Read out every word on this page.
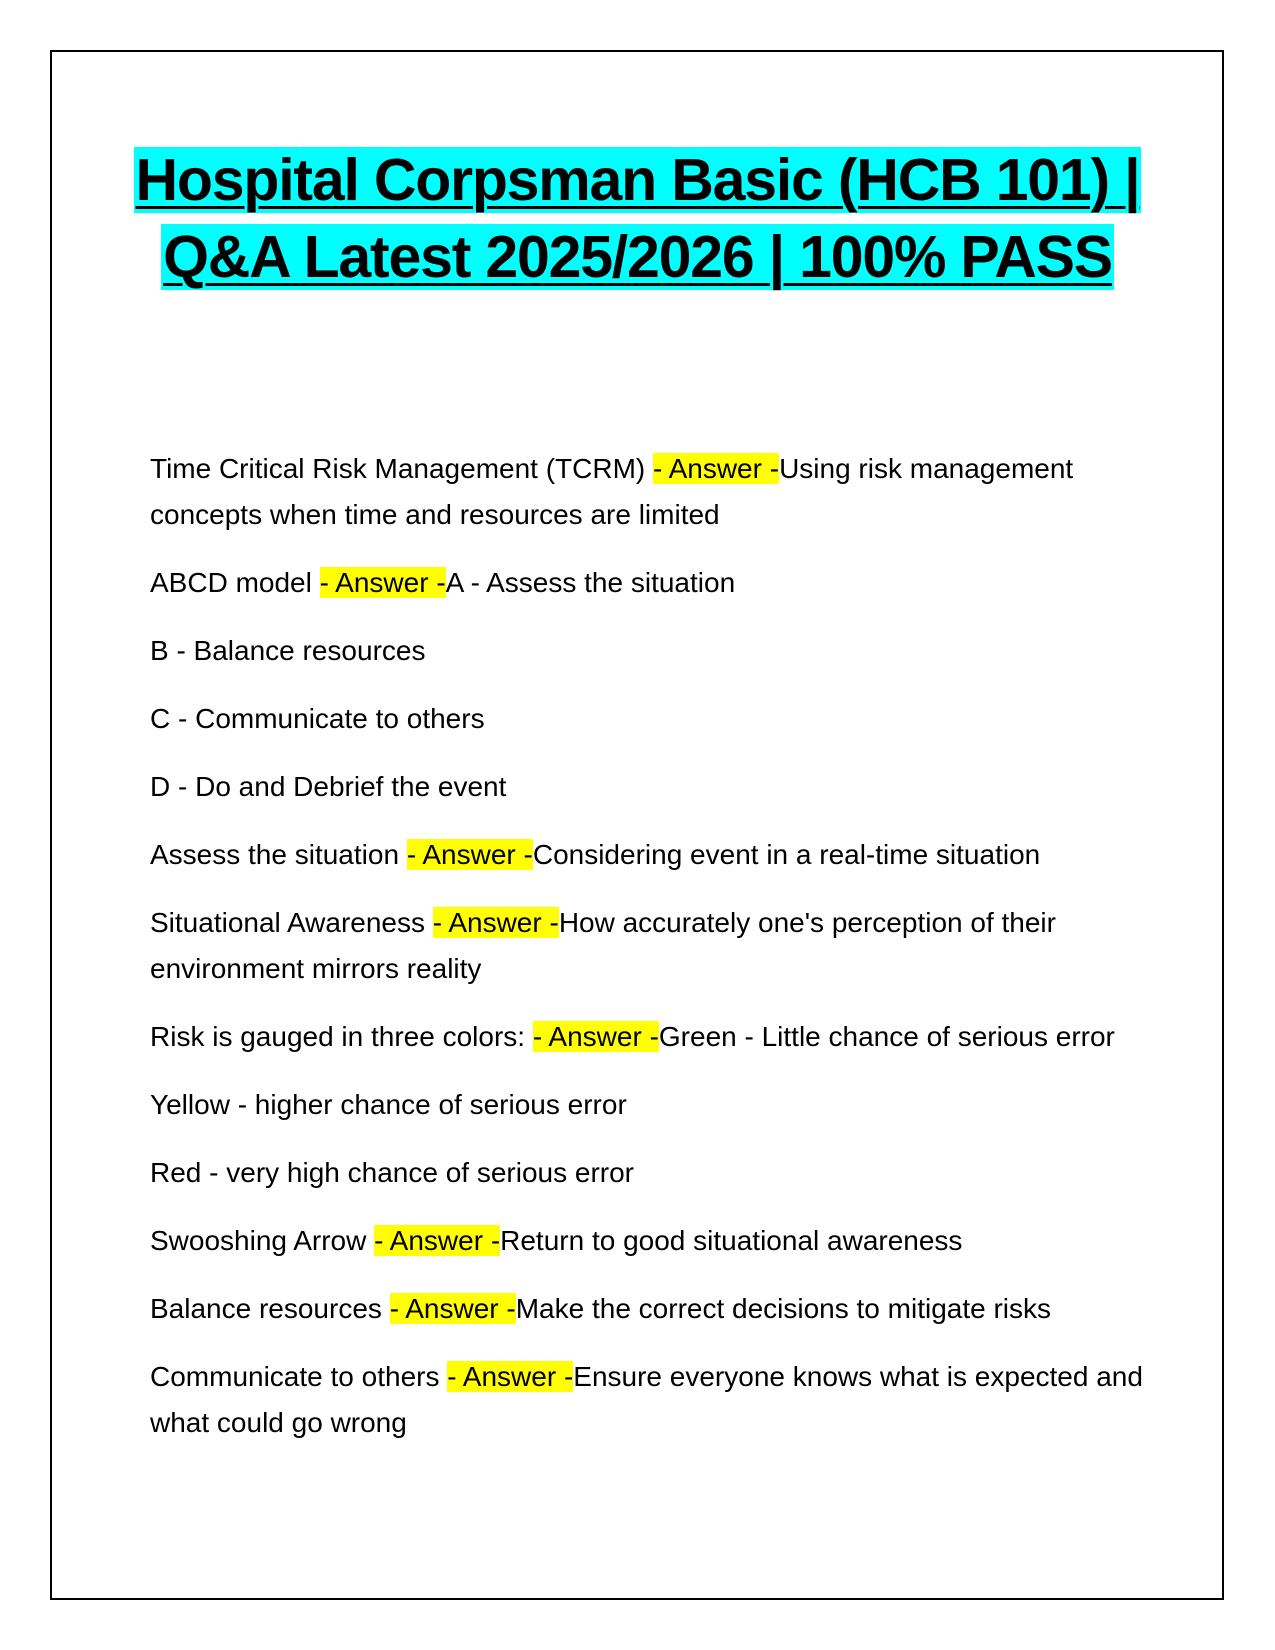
Hospital Corpsman Basic (HCB 101) | Q&A Latest 2025/2026 | 100% PASS

Time Critical Risk Management (TCRM) - Answer -Using risk management concepts when time and resources are limited

ABCD model - Answer -A - Assess the situation

B - Balance resources

C - Communicate to others

D - Do and Debrief the event

Assess the situation - Answer -Considering event in a real-time situation

Situational Awareness - Answer -How accurately one's perception of their environment mirrors reality

Risk is gauged in three colors: - Answer -Green - Little chance of serious error

Yellow - higher chance of serious error

Red - very high chance of serious error

Swooshing Arrow - Answer -Return to good situational awareness

Balance resources - Answer -Make the correct decisions to mitigate risks

Communicate to others - Answer -Ensure everyone knows what is expected and what could go wrong
